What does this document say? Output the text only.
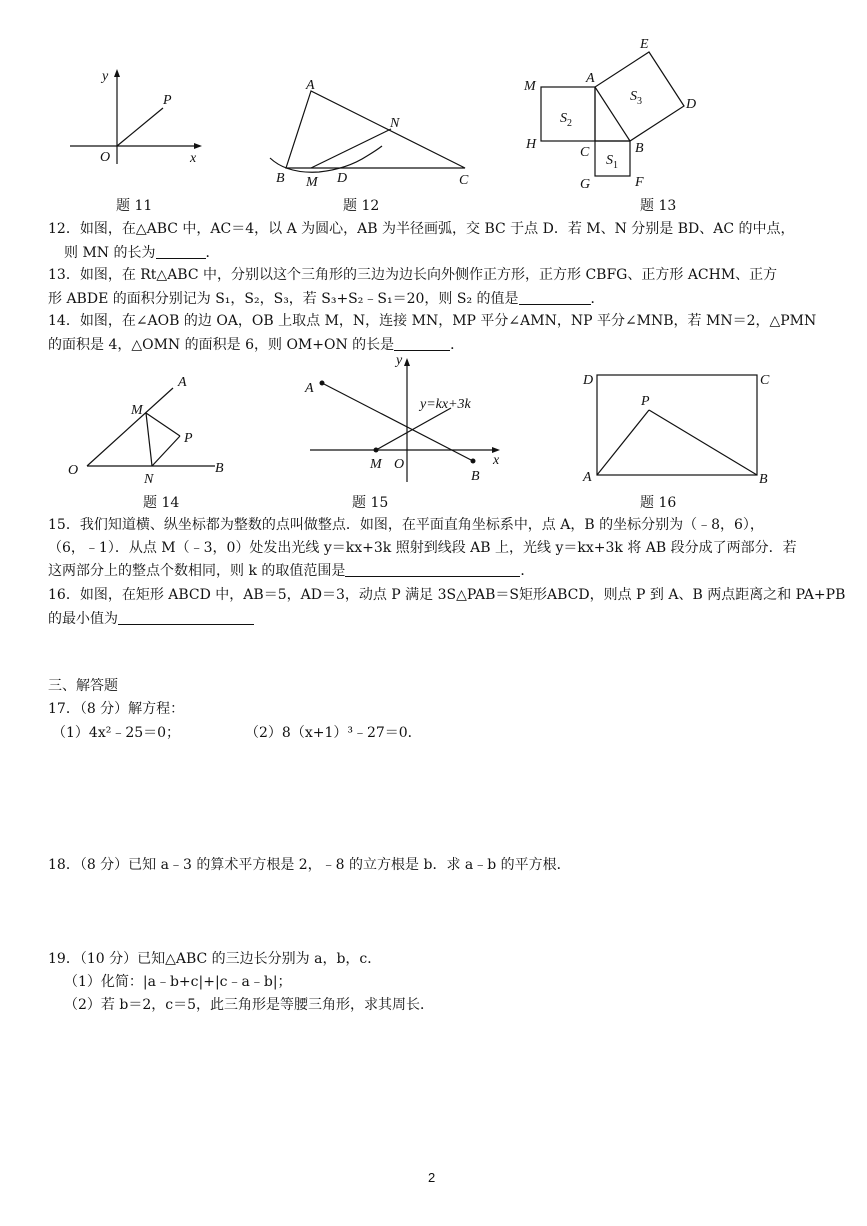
y
x
O
P
题 11
A
N
B M D	C
题 12
E
M
A
D
H
C	B
G	F
$S_2$
$S_1$
$S_3$
题 13
12．如图，在△ABC 中，AC＝4，以 A 为圆心，AB 为半径画弧，交 BC 于点 D．若 M、N 分别是 BD、AC 的中点，
则 MN 的长为	．
13．如图，在 Rt△ABC 中，分别以这个三角形的三边为边长向外侧作正方形，正方形 CBFG、正方形 ACHM、正方
形 ABDE 的面积分别记为 S₁，S₂，S₃，若 S₃+S₂﹣S₁＝20，则 S₂ 的值是	．
14．如图，在∠AOB 的边 OA，OB 上取点 M，N，连接 MN，MP 平分∠AMN，NP 平分∠MNB，若 MN＝2，△PMN
的面积是 4，△OMN 的面积是 6，则 OM+ON 的长是	．
A
M
P
O
N
B
题 14
y
A
y=kx+3k
M O
B
x
题 15
D	C
P
A	B
题 16
15．我们知道横、纵坐标都为整数的点叫做整点．如图，在平面直角坐标系中，点 A，B 的坐标分别为（﹣8，6），
（6，﹣1）．从点 M（﹣3，0）处发出光线 y＝kx+3k 照射到线段 AB 上，光线 y＝kx+3k 将 AB 段分成了两部分．若
这两部分上的整点个数相同，则 k 的取值范围是	．
16．如图，在矩形 ABCD 中，AB＝5，AD＝3，动点 P 满足 3S△PAB＝S矩形ABCD，则点 P 到 A、B 两点距离之和 PA+PB
的最小值为
三、解答题
17．（8 分）解方程：
（1）4x²﹣25＝0；	（2）8（x+1）³﹣27＝0．
18．（8 分）已知 a﹣3 的算术平方根是 2，﹣8 的立方根是 b．求 a﹣b 的平方根．
19．（10 分）已知△ABC 的三边长分别为 a，b，c．
（1）化简：|a﹣b+c|+|c﹣a﹣b|；
（2）若 b＝2，c＝5，此三角形是等腰三角形，求其周长．
2
